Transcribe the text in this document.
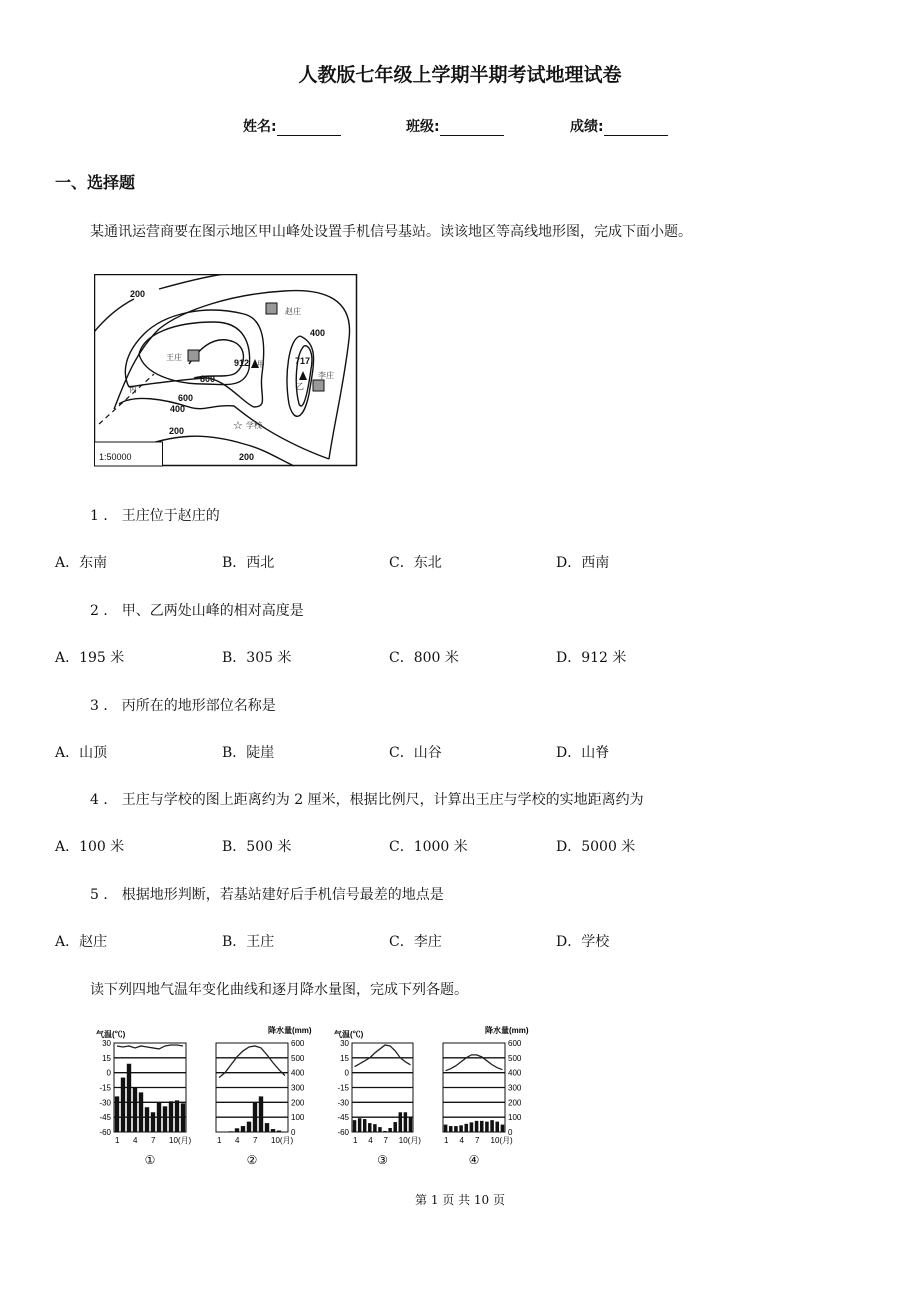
人教版七年级上学期半期考试地理试卷
姓名:	班级:	成绩:
一、选择题
某通讯运营商要在图示地区甲山峰处设置手机信号基站。读该地区等高线地形图，完成下面小题。
200
400
800
600
400
200
200
912	717
1:50000
甲
乙
丙
赵庄
王庄
李庄
学校
☆
1 ． 王庄位于赵庄的
A．东南	B．西北	C．东北	D．西南
2 ． 甲、乙两处山峰的相对高度是
A．195 米	B．305 米	C．800 米	D．912 米
3 ． 丙所在的地形部位名称是
A．山顶	B．陡崖	C．山谷	D．山脊
4 ． 王庄与学校的图上距离约为 2 厘米，根据比例尺，计算出王庄与学校的实地距离约为
A．100 米	B．500 米	C．1000 米	D．5000 米
5 ． 根据地形判断，若基站建好后手机信号最差的地点是
A．赵庄	B．王庄	C．李庄	D．学校
读下列四地气温年变化曲线和逐月降水量图，完成下列各题。
30
15
0
-15
-30
-45
-60
1 4 7 10(月)
气温(℃)
①
600
500
400
300
200
100
0
1 4 7 10(月)
降水量(mm)
②
30
15
0
-15
-30
-45
-60
1 4 7 10(月)
气温(℃)
③
600
500
400
300
200
100
0
1 4 7 10(月)
降水量(mm)
④
第 1 页 共 10 页
